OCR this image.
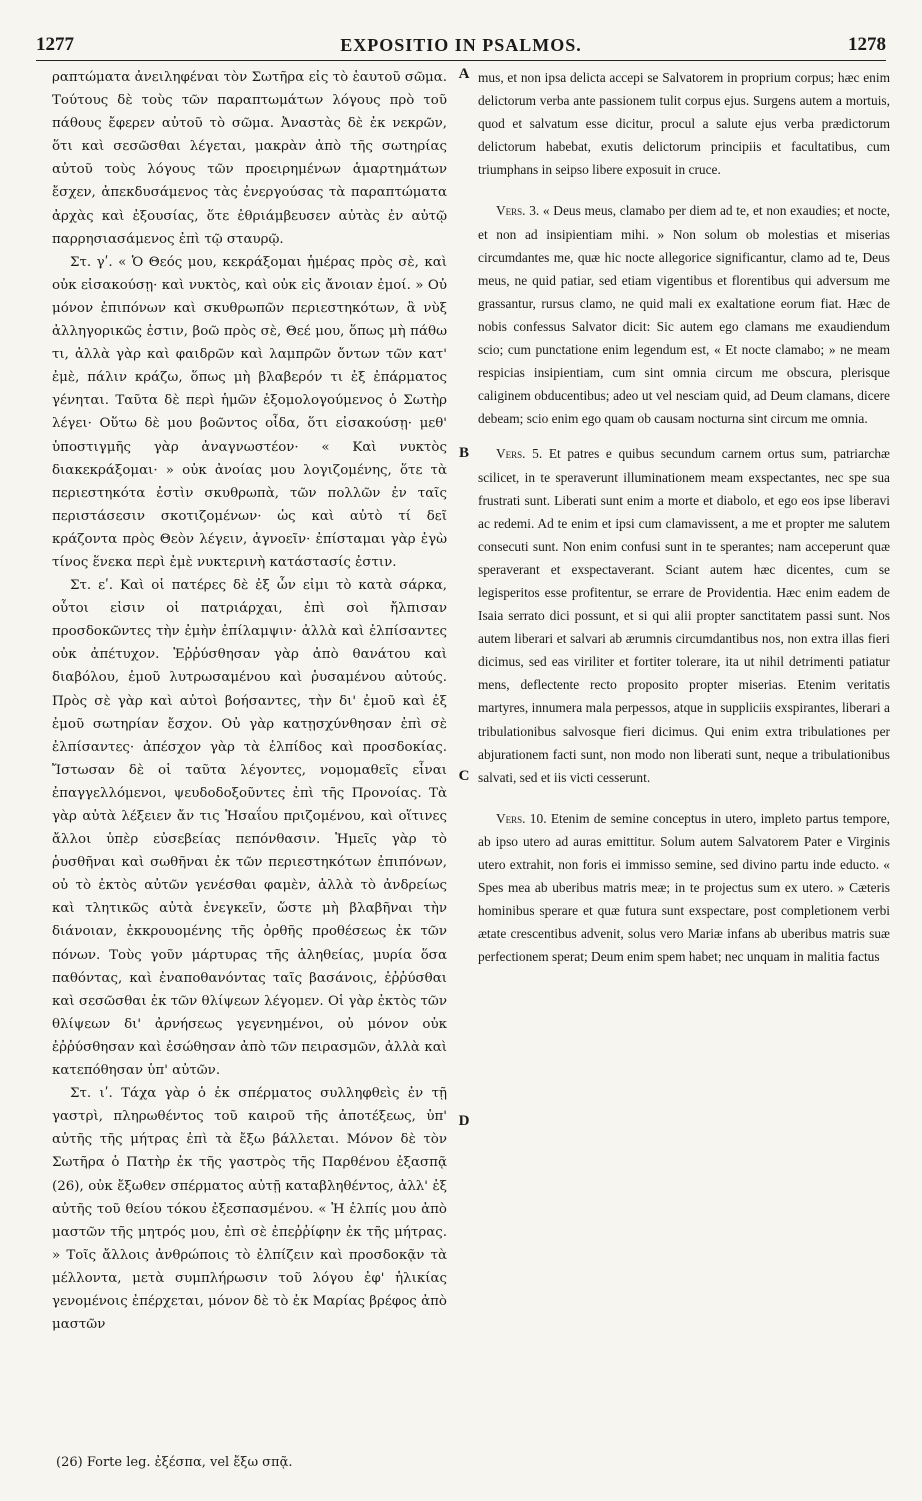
1277	EXPOSITIO IN PSALMOS.	1278

ραπτώματα ἀνειληφέναι τὸν Σωτῆρα εἰς τὸ ἑαυτοῦ σῶμα. Τούτους δὲ τοὺς τῶν παραπτωμάτων λόγους πρὸ τοῦ πάθους ἔφερεν αὐτοῦ τὸ σῶμα. Ἀναστὰς δὲ ἐκ νεκρῶν, ὅτι καὶ σεσῶσθαι λέγεται, μακρὰν ἀπὸ τῆς σωτηρίας αὐτοῦ τοὺς λόγους τῶν προειρημένων ἁμαρτημάτων ἔσχεν, ἀπεκδυσάμενος τὰς ἐνεργούσας τὰ παραπτώματα ἀρχὰς καὶ ἐξουσίας, ὅτε ἐθριάμβευσεν αὐτὰς ἐν αὐτῷ παρρησιασάμενος ἐπὶ τῷ σταυρῷ.

Στ. γʹ. « Ὁ Θεός μου, κεκράξομαι ἡμέρας πρὸς σὲ, καὶ οὐκ εἰσακούσῃ· καὶ νυκτὸς, καὶ οὐκ εἰς ἄνοιαν ἐμοί. » Οὐ μόνον ἐπιπόνων καὶ σκυθρωπῶν περιεστηκότων, ἃ νὺξ ἀλληγορικῶς ἐστιν, βοῶ πρὸς σὲ, Θεέ μου, ὅπως μὴ πάθω τι, ἀλλὰ γὰρ καὶ φαιδρῶν καὶ λαμπρῶν ὄντων τῶν κατ' ἐμὲ, πάλιν κράζω, ὅπως μὴ βλαβερόν τι ἐξ ἐπάρματος γένηται. Ταῦτα δὲ περὶ ἡμῶν ἐξομολογούμενος ὁ Σωτὴρ λέγει· Οὕτω δὲ μου βοῶντος οἶδα, ὅτι εἰσακούσῃ· μεθ' ὑποστιγμῆς γὰρ ἀναγνωστέον· « Καὶ νυκτὸς διακεκράξομαι· » οὐκ ἀνοίας μου λογιζομένης, ὅτε τὰ περιεστηκότα ἐστὶν σκυθρωπὰ, τῶν πολλῶν ἐν ταῖς περιστάσεσιν σκοτιζομένων· ὡς καὶ αὐτὸ τί δεῖ κράζοντα πρὸς Θεὸν λέγειν, ἀγνοεῖν· ἐπίσταμαι γὰρ ἐγὼ τίνος ἕνεκα περὶ ἐμὲ νυκτερινὴ κατάστασίς ἐστιν.

Στ. εʹ. Καὶ οἱ πατέρες δὲ ἐξ ὧν εἰμι τὸ κατὰ σάρκα, οὗτοι εἰσιν οἱ πατριάρχαι, ἐπὶ σοὶ ἤλπισαν προσδοκῶντες τὴν ἐμὴν ἐπίλαμψιν· ἀλλὰ καὶ ἐλπίσαντες οὐκ ἀπέτυχον. Ἐῤῥύσθησαν γὰρ ἀπὸ θανάτου καὶ διαβόλου, ἐμοῦ λυτρωσαμένου καὶ ῥυσαμένου αὐτούς. Πρὸς σὲ γὰρ καὶ αὐτοὶ βοήσαντες, τὴν δι' ἐμοῦ καὶ ἐξ ἐμοῦ σωτηρίαν ἔσχον. Οὐ γὰρ κατῃσχύνθησαν ἐπὶ σὲ ἐλπίσαντες· ἀπέσχον γὰρ τὰ ἐλπίδος καὶ προσδοκίας. Ἴστωσαν δὲ οἱ ταῦτα λέγοντες, νομομαθεῖς εἶναι ἐπαγγελλόμενοι, ψευδοδοξοῦντες ἐπὶ τῆς Προνοίας. Τὰ γὰρ αὐτὰ λέξειεν ἄν τις Ἡσαΐου πριζομένου, καὶ οἵτινες ἄλλοι ὑπὲρ εὐσεβείας πεπόνθασιν. Ἡμεῖς γὰρ τὸ ῥυσθῆναι καὶ σωθῆναι ἐκ τῶν περιεστηκότων ἐπιπόνων, οὐ τὸ ἐκτὸς αὐτῶν γενέσθαι φαμὲν, ἀλλὰ τὸ ἀνδρείως καὶ τλητικῶς αὐτὰ ἐνεγκεῖν, ὥστε μὴ βλαβῆναι τὴν διάνοιαν, ἐκκρουομένης τῆς ὀρθῆς προθέσεως ἐκ τῶν πόνων. Τοὺς γοῦν μάρτυρας τῆς ἀληθείας, μυρία ὅσα παθόντας, καὶ ἐναποθανόντας ταῖς βασάνοις, ἐῤῥύσθαι καὶ σεσῶσθαι ἐκ τῶν θλίψεων λέγομεν. Οἱ γὰρ ἐκτὸς τῶν θλίψεων δι' ἀρνήσεως γεγενημένοι, οὐ μόνον οὐκ ἐῤῥύσθησαν καὶ ἐσώθησαν ἀπὸ τῶν πειρασμῶν, ἀλλὰ καὶ κατεπόθησαν ὑπ' αὐτῶν.

Στ. ιʹ. Τάχα γὰρ ὁ ἐκ σπέρματος συλληφθεὶς ἐν τῇ γαστρὶ, πληρωθέντος τοῦ καιροῦ τῆς ἀποτέξεως, ὑπ' αὐτῆς τῆς μήτρας ἐπὶ τὰ ἔξω βάλλεται. Μόνον δὲ τὸν Σωτῆρα ὁ Πατὴρ ἐκ τῆς γαστρὸς τῆς Παρθένου ἐξασπᾷ (26), οὐκ ἔξωθεν σπέρματος αὐτῇ καταβληθέντος, ἀλλ' ἐξ αὐτῆς τοῦ θείου τόκου ἐξεσπασμένου. « Ἡ ἐλπίς μου ἀπὸ μαστῶν τῆς μητρός μου, ἐπὶ σὲ ἐπεῤῥίφην ἐκ τῆς μήτρας. » Τοῖς ἄλλοις ἀνθρώποις τὸ ἐλπίζειν καὶ προσδοκᾷν τὰ μέλλοντα, μετὰ συμπλήρωσιν τοῦ λόγου ἐφ' ἡλικίας γενομένοις ἐπέρχεται, μόνον δὲ τὸ ἐκ Μαρίας βρέφος ἀπὸ μαστῶν

A
B
C
D

mus, et non ipsa delicta accepi se Salvatorem in proprium corpus; hæc enim delictorum verba ante passionem tulit corpus ejus. Surgens autem a mortuis, quod et salvatum esse dicitur, procul a salute ejus verba prædictorum delictorum habebat, exutis delictorum principiis et facultatibus, cum triumphans in seipso libere exposuit in cruce.

Vers. 3. « Deus meus, clamabo per diem ad te, et non exaudies; et nocte, et non ad insipientiam mihi. » Non solum ob molestias et miserias circumdantes me, quæ hic nocte allegorice significantur, clamo ad te, Deus meus, ne quid patiar, sed etiam vigentibus et florentibus qui adversum me grassantur, rursus clamo, ne quid mali ex exaltatione eorum fiat. Hæc de nobis confessus Salvator dicit: Sic autem ego clamans me exaudiendum scio; cum punctatione enim legendum est, « Et nocte clamabo; » ne meam respicias insipientiam, cum sint omnia circum me obscura, plerisque caliginem obducentibus; adeo ut vel nesciam quid, ad Deum clamans, dicere debeam; scio enim ego quam ob causam nocturna sint circum me omnia.

Vers. 5. Et patres e quibus secundum carnem ortus sum, patriarchæ scilicet, in te speraverunt illuminationem meam exspectantes, nec spe sua frustrati sunt. Liberati sunt enim a morte et diabolo, et ego eos ipse liberavi ac redemi. Ad te enim et ipsi cum clamavissent, a me et propter me salutem consecuti sunt. Non enim confusi sunt in te sperantes; nam acceperunt quæ speraverant et exspectaverant. Sciant autem hæc dicentes, cum se legisperitos esse profitentur, se errare de Providentia. Hæc enim eadem de Isaia serrato dici possunt, et si qui alii propter sanctitatem passi sunt. Nos autem liberari et salvari ab ærumnis circumdantibus nos, non extra illas fieri dicimus, sed eas viriliter et fortiter tolerare, ita ut nihil detrimenti patiatur mens, deflectente recto proposito propter miserias. Etenim veritatis martyres, innumera mala perpessos, atque in suppliciis exspirantes, liberari a tribulationibus salvosque fieri dicimus. Qui enim extra tribulationes per abjurationem facti sunt, non modo non liberati sunt, neque a tribulationibus salvati, sed et iis victi cesserunt.

Vers. 10. Etenim de semine conceptus in utero, impleto partus tempore, ab ipso utero ad auras emittitur. Solum autem Salvatorem Pater e Virginis utero extrahit, non foris ei immisso semine, sed divino partu inde educto. « Spes mea ab uberibus matris meæ; in te projectus sum ex utero. » Cæteris hominibus sperare et quæ futura sunt exspectare, post completionem verbi ætate crescentibus advenit, solus vero Mariæ infans ab uberibus matris suæ perfectionem sperat; Deum enim spem habet; nec unquam in malitia factus

(26) Forte leg. ἐξέσπα, vel ἔξω σπᾷ.
